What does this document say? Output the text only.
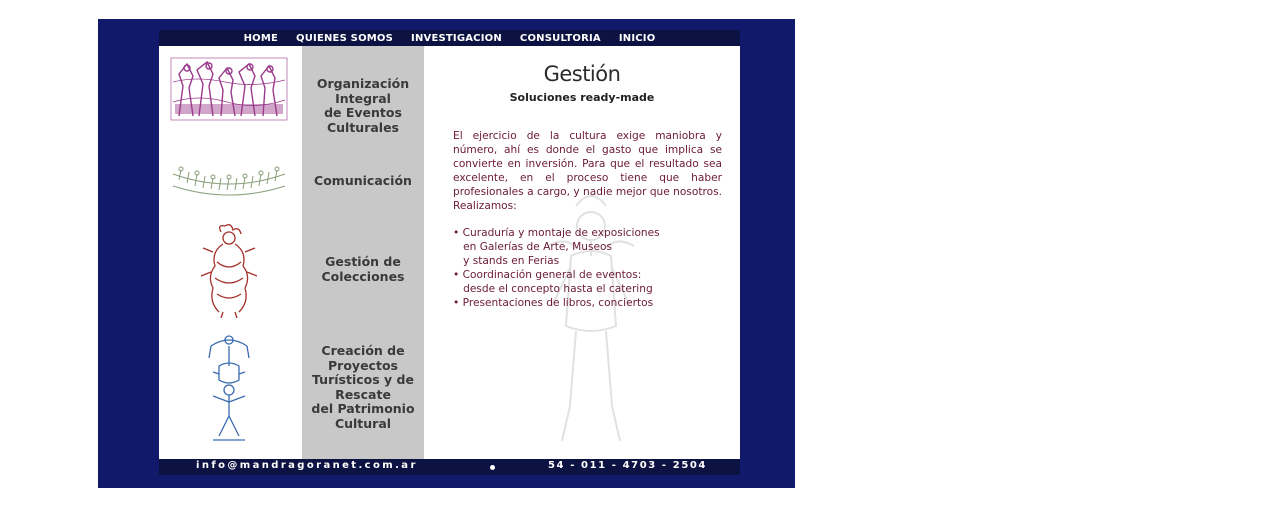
HOME QUIENES SOMOS INVESTIGACION CONSULTORIA INICIO
Organización
Integral
de Eventos
Culturales
Comunicación
Gestión de
Colecciones
Creación de
Proyectos
Turísticos y de
Rescate
del Patrimonio
Cultural
Gestión
Soluciones ready-made
El ejercicio de la cultura exige maniobra y número, ahí es donde el gasto que implica se convierte en inversión. Para que el resultado sea excelente, en el proceso tiene que haber profesionales a cargo, y nadie mejor que nosotros. Realizamos:
• Curaduría y montaje de exposiciones
en Galerías de Arte, Museos
y stands en Ferias
• Coordinación general de eventos:
desde el concepto hasta el catering
• Presentaciones de libros, conciertos
info@mandragoranet.com.ar	54 - 011 - 4703 - 2504
